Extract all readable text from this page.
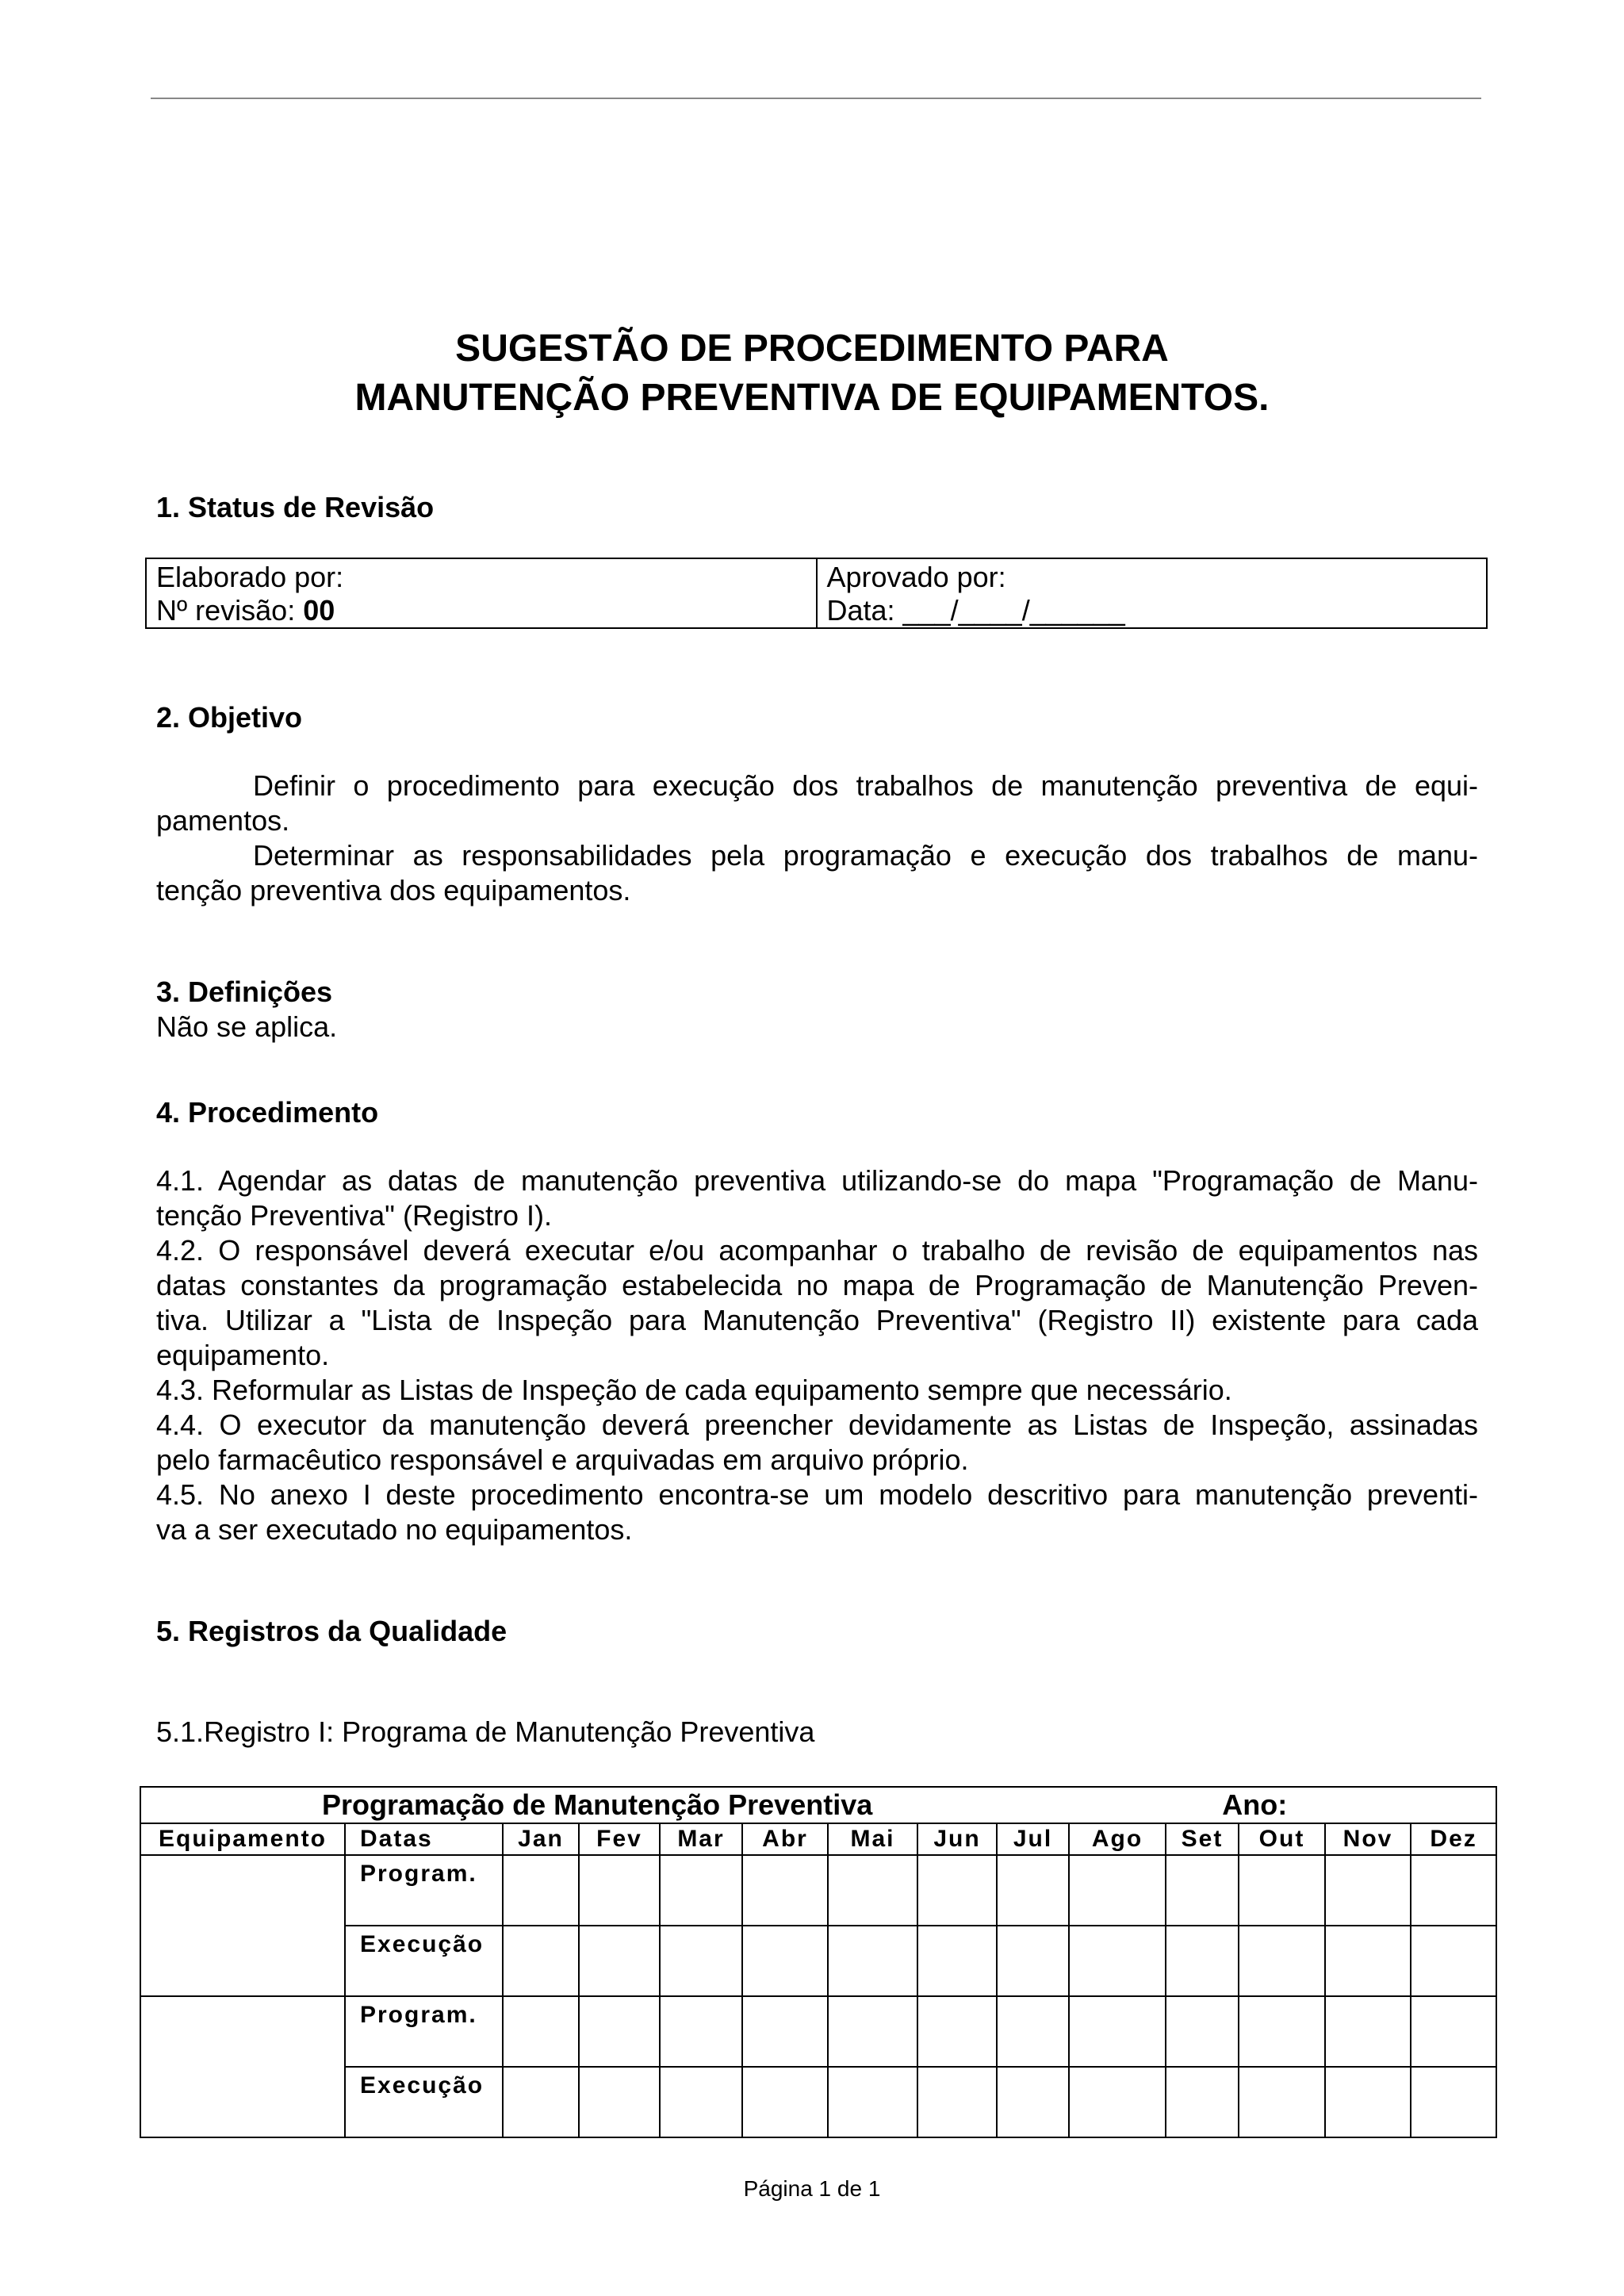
SUGESTÃO DE PROCEDIMENTO PARA
MANUTENÇÃO PREVENTIVA DE EQUIPAMENTOS.
1. Status de Revisão
Elaborado por:
Nº revisão: 00
Aprovado por:
Data: ___/____/______
2. Objetivo
Definir o procedimento para execução dos trabalhos de manutenção preventiva de equi-
pamentos.
Determinar as responsabilidades pela programação e execução dos trabalhos de manu-
tenção preventiva dos equipamentos.
3. Definições
Não se aplica.
4. Procedimento
4.1. Agendar as datas de manutenção preventiva utilizando-se do mapa "Programação de Manu-
tenção Preventiva" (Registro I).
4.2. O responsável deverá executar e/ou acompanhar o trabalho de revisão de equipamentos nas
datas constantes da programação estabelecida no mapa de Programação de Manutenção Preven-
tiva. Utilizar a "Lista de Inspeção para Manutenção Preventiva" (Registro II) existente para cada
equipamento.
4.3. Reformular as Listas de Inspeção de cada equipamento sempre que necessário.
4.4. O executor da manutenção deverá preencher devidamente as Listas de Inspeção, assinadas
pelo farmacêutico responsável e arquivadas em arquivo próprio.
4.5. No anexo I deste procedimento encontra-se um modelo descritivo para manutenção preventi-
va a ser executado no equipamentos.
5. Registros da Qualidade
5.1.Registro I: Programa de Manutenção Preventiva
Programação de Manutenção Preventiva Ano:													
Equipamento	Datas	Jan	Fev	Mar	Abr	Mai	Jun	Jul	Ago	Set	Out	Nov	Dez
	Program.												
	Execução												
	Program.												
	Execução												
Página 1 de 1
